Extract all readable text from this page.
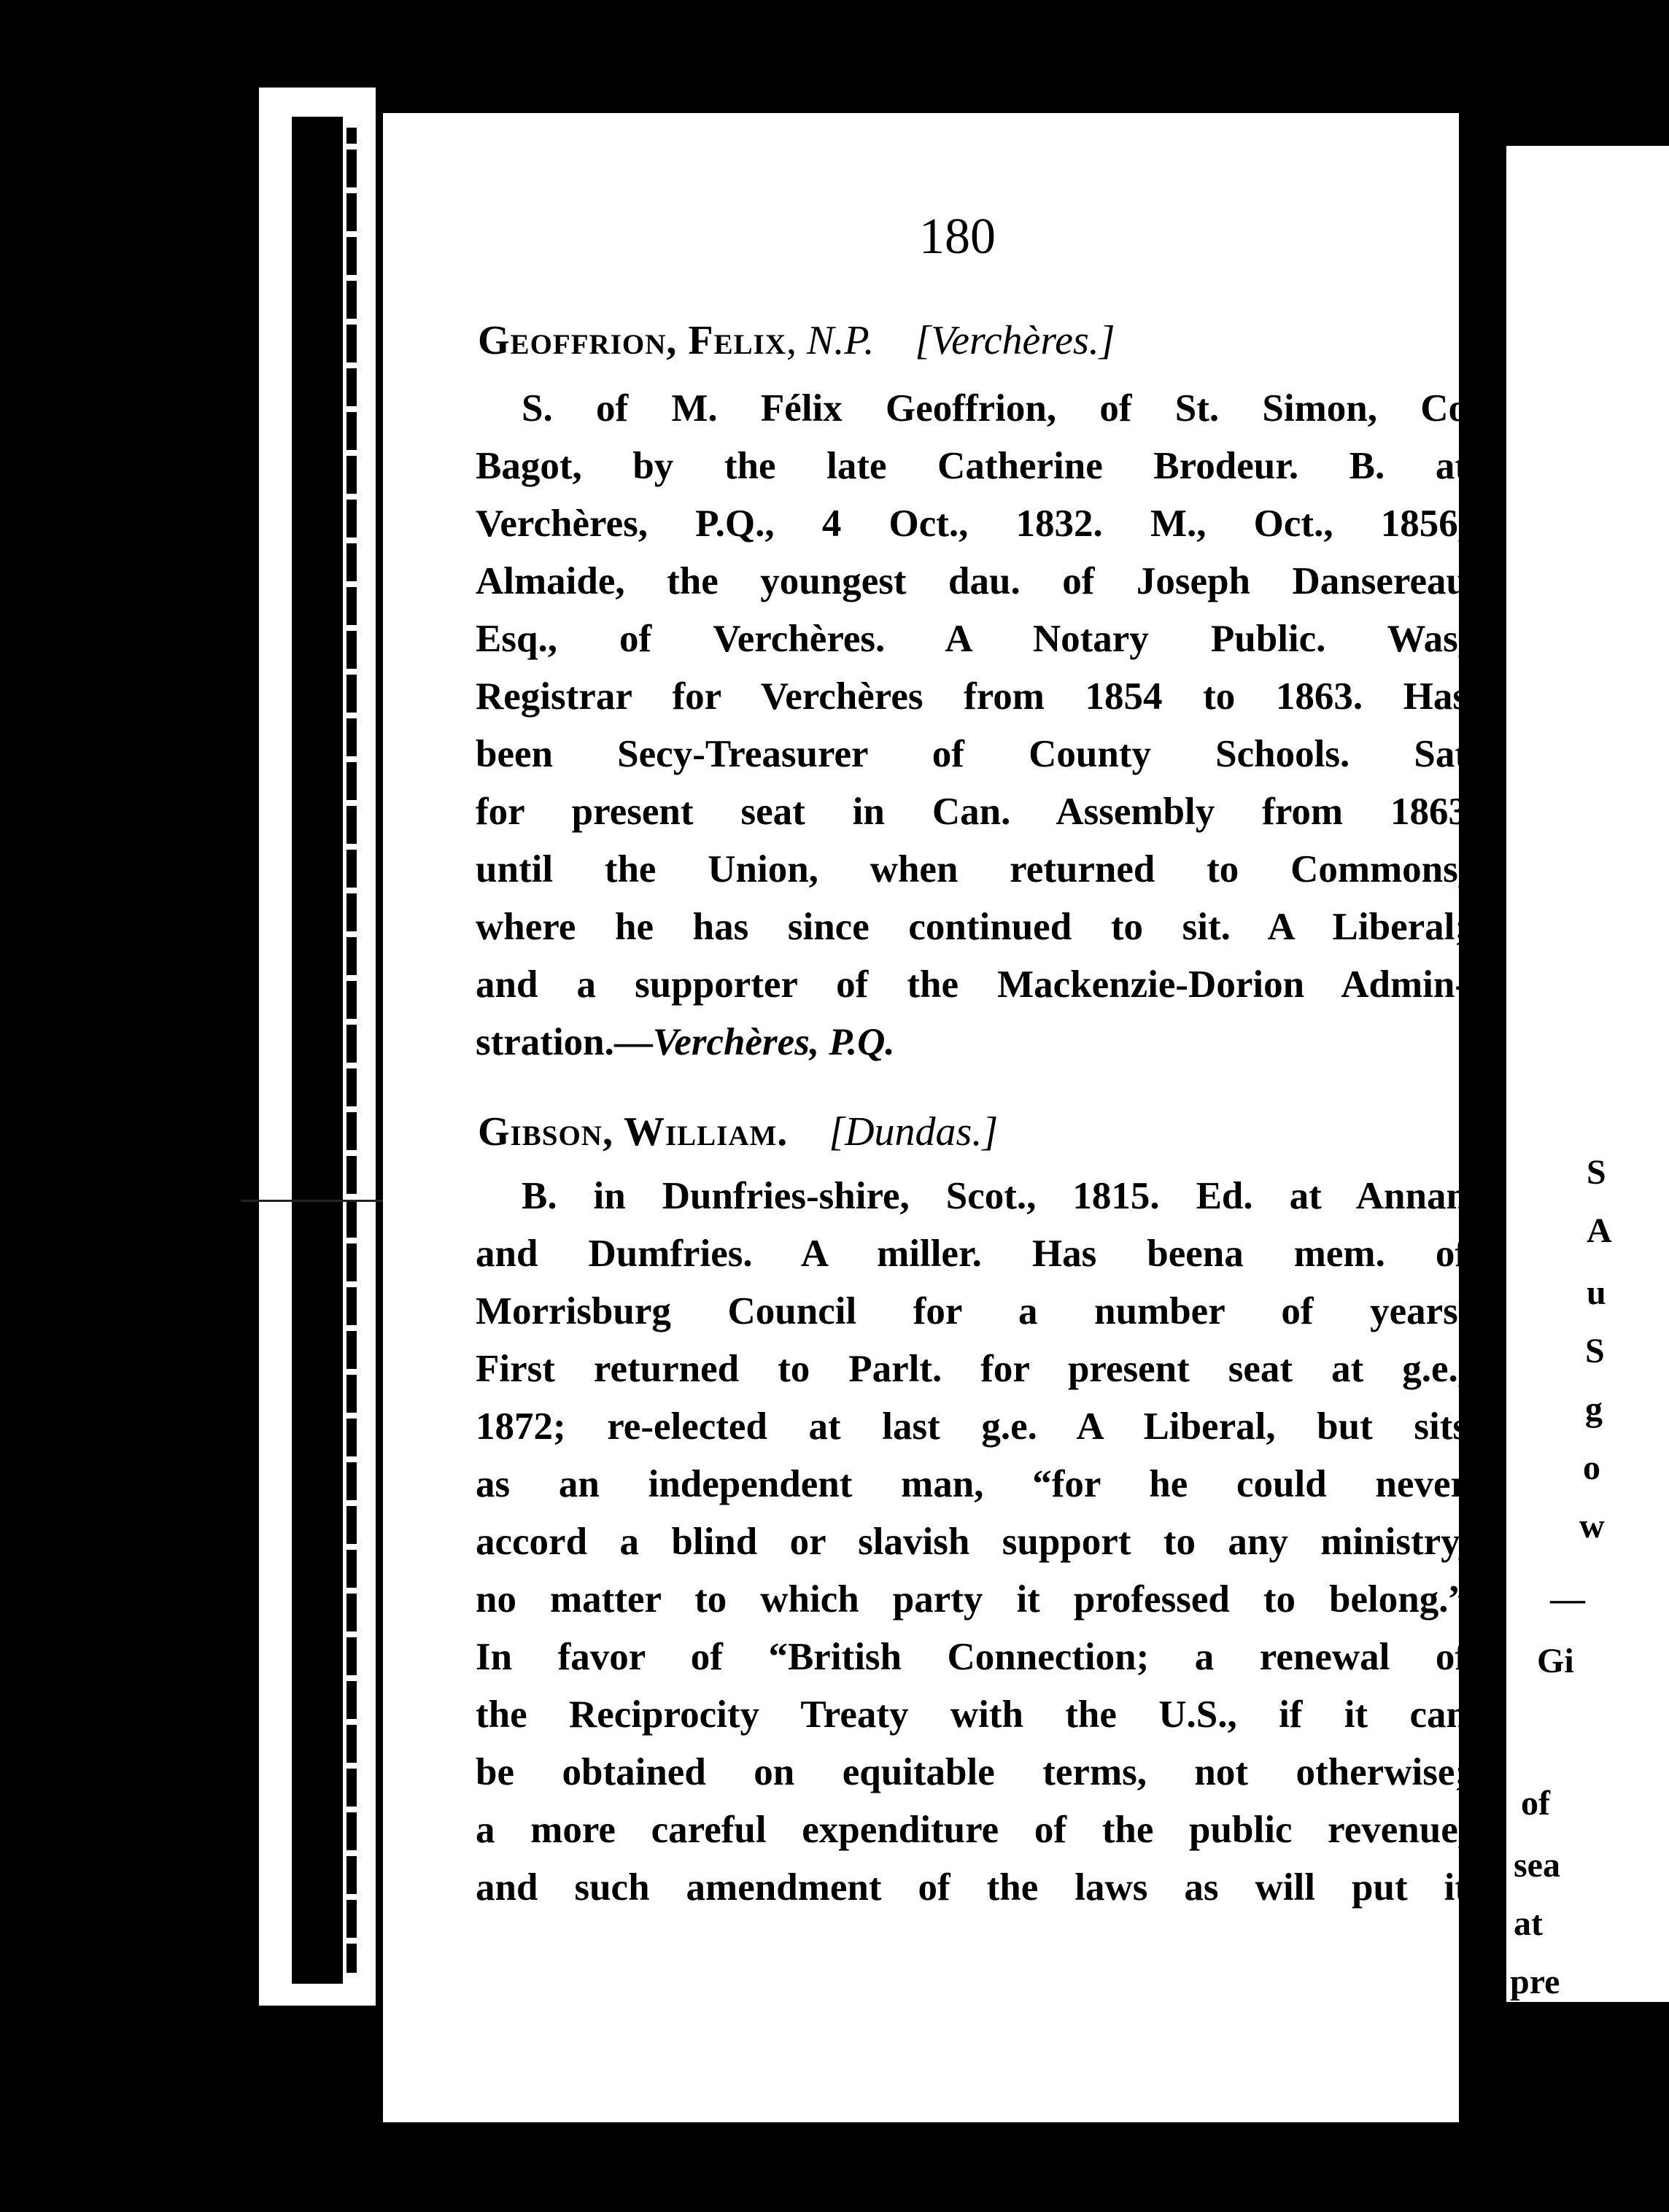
180
Geoffrion, Felix, N.P. [Verchères.]
S. of M. Félix Geoffrion, of St. Simon, Co
Bagot, by the late Catherine Brodeur. B. at
Verchères, P.Q., 4 Oct., 1832. M., Oct., 1856,
Almaide, the youngest dau. of Joseph Dansereau
Esq., of Verchères. A Notary Public. Was,
Registrar for Verchères from 1854 to 1863. Has
been Secy-Treasurer of County Schools. Sat
for present seat in Can. Assembly from 1863
until the Union, when returned to Commons,
where he has since continued to sit. A Liberal;
and a supporter of the Mackenzie-Dorion Admin-
stration.—Verchères, P.Q.
Gibson, William. [Dundas.]
B. in Dunfries-shire, Scot., 1815. Ed. at Annan
and Dumfries. A miller. Has beena mem. of
Morrisburg Council for a number of years.
First returned to Parlt. for present seat at g.e.,
1872; re-elected at last g.e. A Liberal, but sits
as an independent man, “for he could never
accord a blind or slavish support to any ministry,
no matter to which party it professed to belong.”
In favor of “British Connection; a renewal of
the Reciprocity Treaty with the U.S., if it can
be obtained on equitable terms, not otherwise;
a more careful expenditure of the public revenue,
and such amendment of the laws as will put it
S
A
u
S
g
o
w
—
Gi
of
sea
at
pre
